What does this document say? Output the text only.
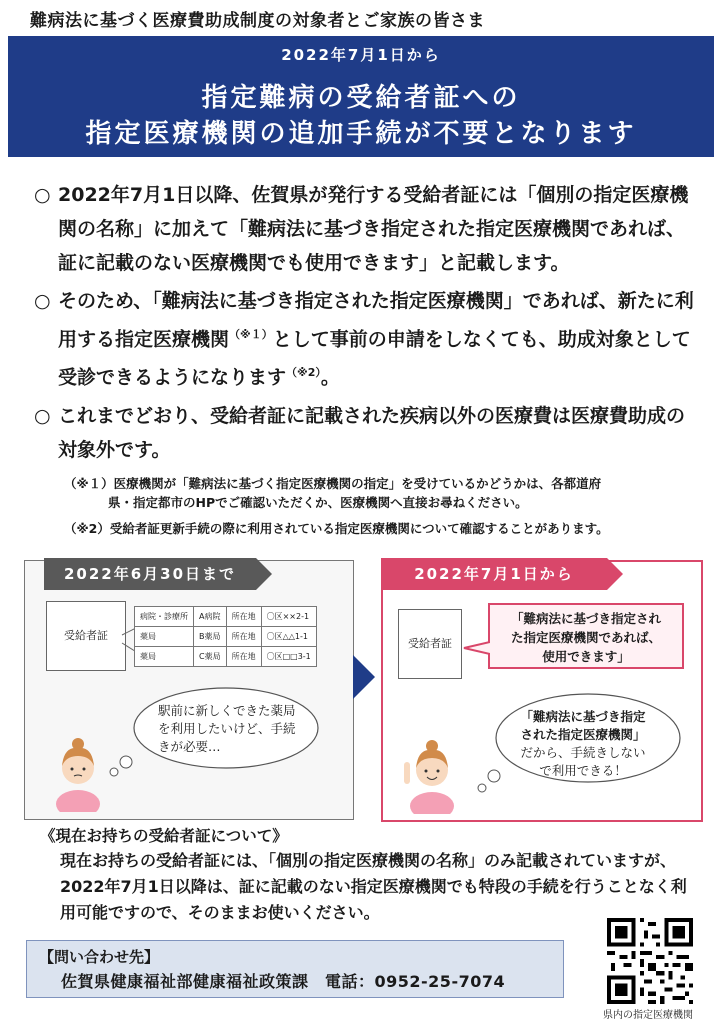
難病法に基づく医療費助成制度の対象者とご家族の皆さま
2022年7月1日から
指定難病の受給者証への
指定医療機関の追加手続が不要となります
○ 2022年7月1日以降、佐賀県が発行する受給者証には「個別の指定医療機関の名称」に加えて「難病法に基づき指定された指定医療機関であれば、証に記載のない医療機関でも使用できます」と記載します。
○ そのため、「難病法に基づき指定された指定医療機関」であれば、新たに利用する指定医療機関$^{(※1)}$として事前の申請をしなくても、助成対象として受診できるようになります$^{(※2)}$。
○ これまでどおり、受給者証に記載された疾病以外の医療費は医療費助成の対象外です。

（※１）医療機関が「難病法に基づく指定医療機関の指定」を受けているかどうかは、各都道府
県・指定都市のHPでご確認いただくか、医療機関へ直接お尋ねください。

（※2）受給者証更新手続の際に利用されている指定医療機関について確認することがあります。

2022年6月30日まで
受給者証
病院・診療所	A病院	所在地	〇区××2-1
薬局	B薬局	所在地	〇区△△1-1
薬局	C薬局	所在地	〇区□□3-1
駅前に新しくできた薬局を利用したいけど、手続きが必要…
2022年7月1日から
受給者証
「難病法に基づき指定され
た指定医療機関であれば、
使用できます」
「難病法に基づき指定
された指定医療機関」
だから、手続きしない
で利用できる！
《現在お持ちの受給者証について》
現在お持ちの受給者証には、「個別の指定医療機関の名称」のみ記載されていますが、2022年7月1日以降は、証に記載のない指定医療機関でも特段の手続を行うことなく利用可能ですので、そのままお使いください。
【問い合わせ先】
佐賀県健康福祉部健康福祉政策課　電話：0952-25-7074
県内の指定医療機関
